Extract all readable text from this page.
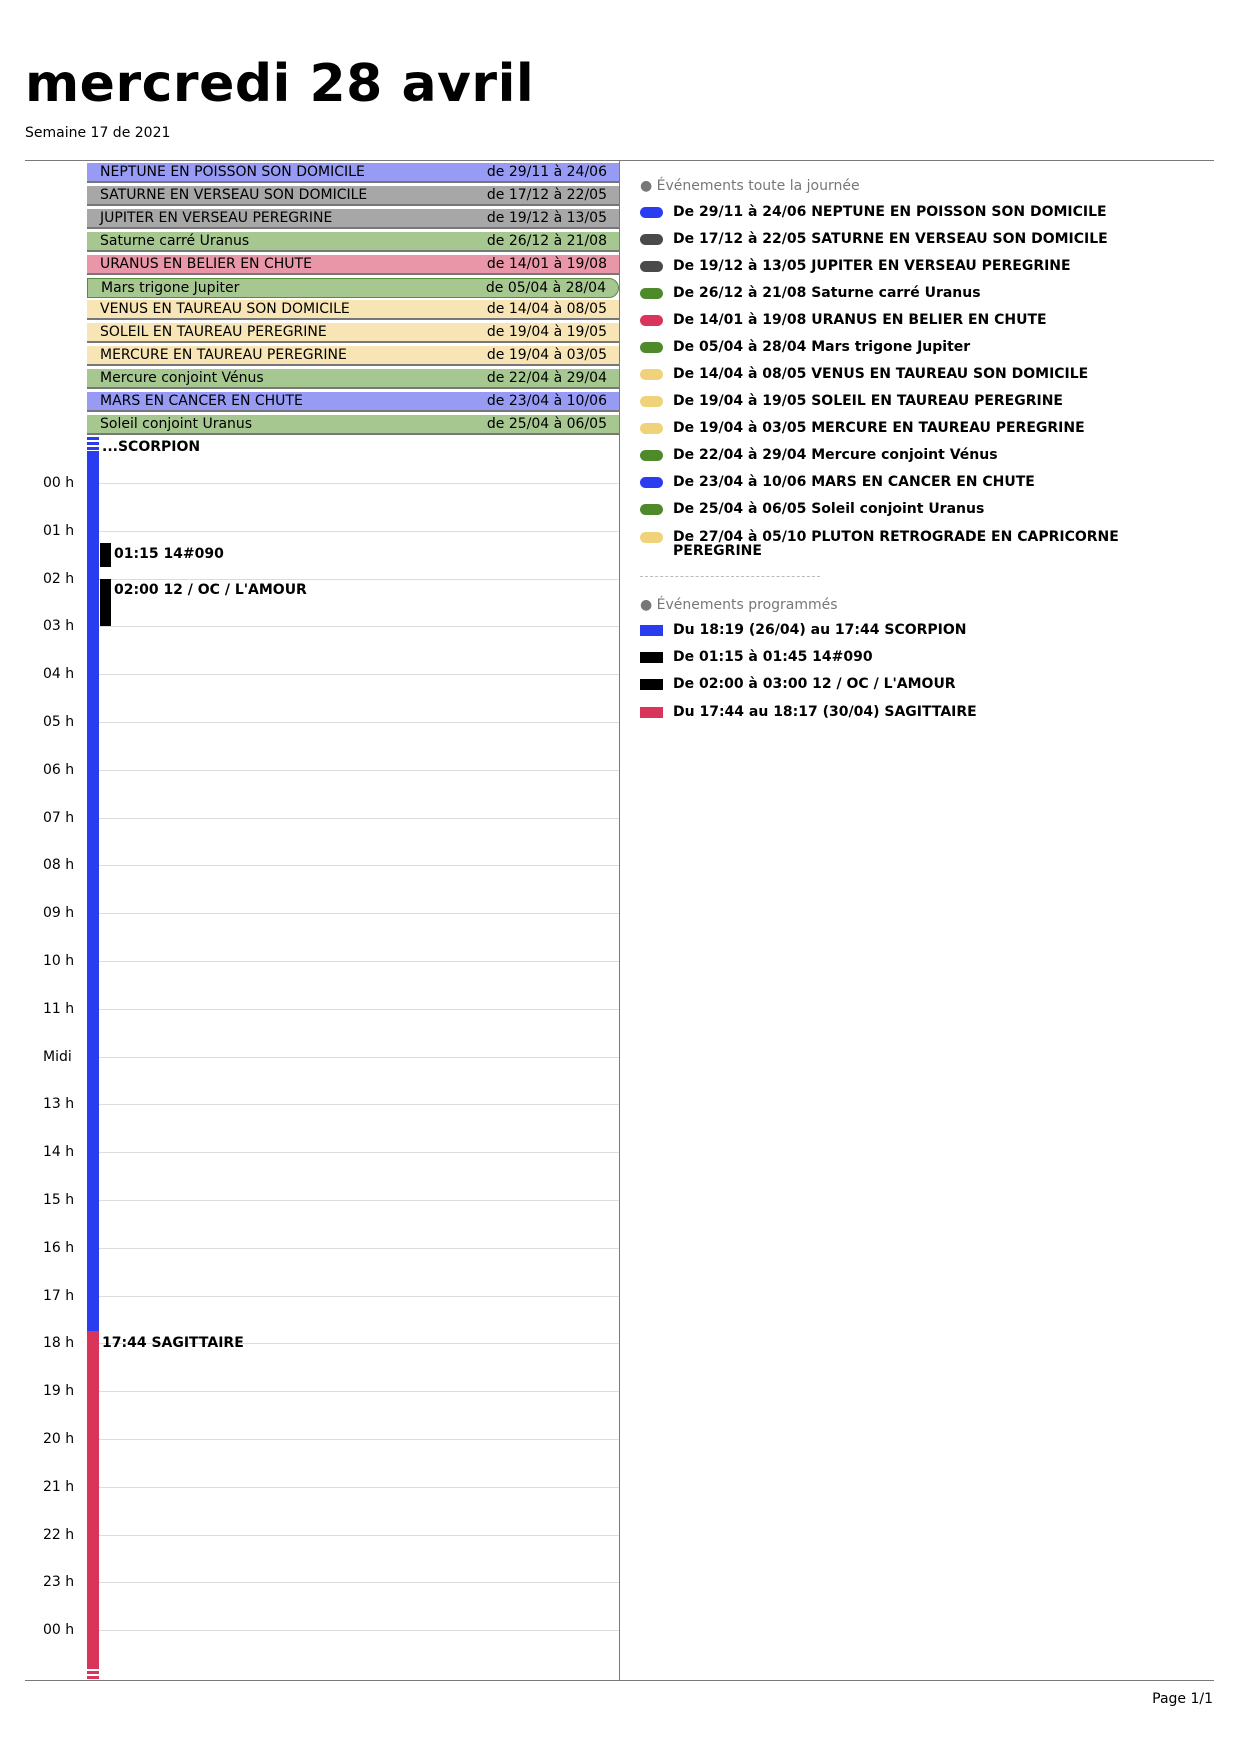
mercredi 28 avril
Semaine 17 de 2021
NEPTUNE EN POISSON SON DOMICILE	de 29/11 à 24/06
SATURNE EN VERSEAU SON DOMICILE	de 17/12 à 22/05
JUPITER EN VERSEAU PEREGRINE	de 19/12 à 13/05
Saturne carré Uranus	de 26/12 à 21/08
URANUS EN BELIER EN CHUTE	de 14/01 à 19/08
Mars trigone Jupiter	de 05/04 à 28/04
VENUS EN TAUREAU SON DOMICILE	de 14/04 à 08/05
SOLEIL EN TAUREAU PEREGRINE	de 19/04 à 19/05
MERCURE EN TAUREAU PEREGRINE	de 19/04 à 03/05
Mercure conjoint Vénus	de 22/04 à 29/04
MARS EN CANCER EN CHUTE	de 23/04 à 10/06
Soleil conjoint Uranus	de 25/04 à 06/05
00 h
01 h
02 h
03 h
04 h
05 h
06 h
07 h
08 h
09 h
10 h
11 h
Midi
13 h
14 h
15 h
16 h
17 h
18 h
19 h
20 h
21 h
22 h
23 h
00 h
...SCORPION
01:15 14#090
02:00 12 / OC / L'AMOUR
17:44 SAGITTAIRE
● Événements toute la journée
De 29/11 à 24/06 NEPTUNE EN POISSON SON DOMICILE
De 17/12 à 22/05 SATURNE EN VERSEAU SON DOMICILE
De 19/12 à 13/05 JUPITER EN VERSEAU PEREGRINE
De 26/12 à 21/08 Saturne carré Uranus
De 14/01 à 19/08 URANUS EN BELIER EN CHUTE
De 05/04 à 28/04 Mars trigone Jupiter
De 14/04 à 08/05 VENUS EN TAUREAU SON DOMICILE
De 19/04 à 19/05 SOLEIL EN TAUREAU PEREGRINE
De 19/04 à 03/05 MERCURE EN TAUREAU PEREGRINE
De 22/04 à 29/04 Mercure conjoint Vénus
De 23/04 à 10/06 MARS EN CANCER EN CHUTE
De 25/04 à 06/05 Soleil conjoint Uranus
De 27/04 à 05/10 PLUTON RETROGRADE EN CAPRICORNE PEREGRINE
● Événements programmés
Du 18:19 (26/04) au 17:44 SCORPION
De 01:15 à 01:45 14#090
De 02:00 à 03:00 12 / OC / L'AMOUR
Du 17:44 au 18:17 (30/04) SAGITTAIRE
Page 1/1
